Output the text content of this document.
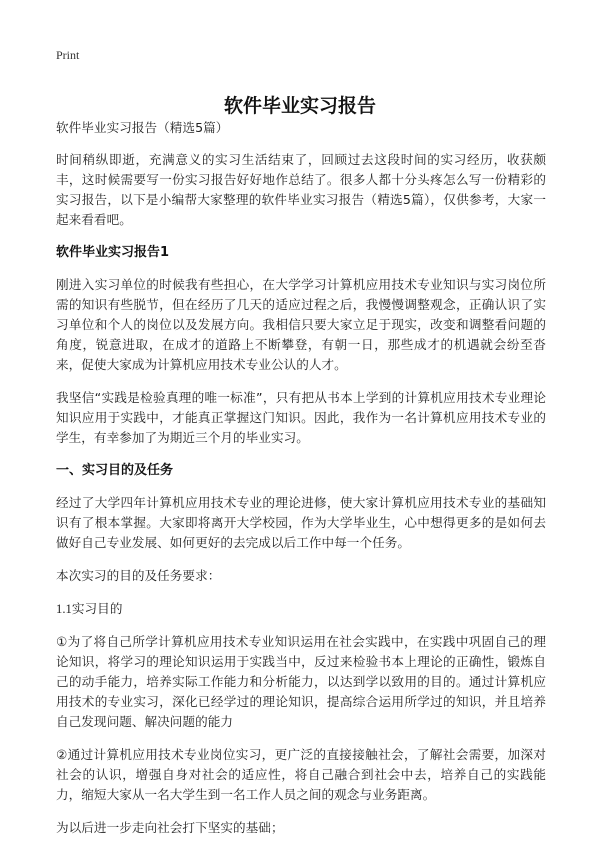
Print
软件毕业实习报告

软件毕业实习报告（精选5篇）

时间稍纵即逝，充满意义的实习生活结束了，回顾过去这段时间的实习经历，收获颇丰，这时候需要写一份实习报告好好地作总结了。很多人都十分头疼怎么写一份精彩的实习报告，以下是小编帮大家整理的软件毕业实习报告（精选5篇），仅供参考，大家一起来看看吧。

软件毕业实习报告1

刚进入实习单位的时候我有些担心，在大学学习计算机应用技术专业知识与实习岗位所需的知识有些脱节，但在经历了几天的适应过程之后，我慢慢调整观念，正确认识了实习单位和个人的岗位以及发展方向。我相信只要大家立足于现实，改变和调整看问题的角度，锐意进取，在成才的道路上不断攀登，有朝一日，那些成才的机遇就会纷至沓来，促使大家成为计算机应用技术专业公认的人才。

我坚信“实践是检验真理的唯一标准”，只有把从书本上学到的计算机应用技术专业理论知识应用于实践中，才能真正掌握这门知识。因此，我作为一名计算机应用技术专业的学生，有幸参加了为期近三个月的毕业实习。

一、实习目的及任务

经过了大学四年计算机应用技术专业的理论进修，使大家计算机应用技术专业的基础知识有了根本掌握。大家即将离开大学校园，作为大学毕业生，心中想得更多的是如何去做好自己专业发展、如何更好的去完成以后工作中每一个任务。

本次实习的目的及任务要求：

1.1实习目的

①为了将自己所学计算机应用技术专业知识运用在社会实践中，在实践中巩固自己的理论知识，将学习的理论知识运用于实践当中，反过来检验书本上理论的正确性，锻炼自己的动手能力，培养实际工作能力和分析能力，以达到学以致用的目的。通过计算机应用技术的专业实习，深化已经学过的理论知识，提高综合运用所学过的知识，并且培养自己发现问题、解决问题的能力

②通过计算机应用技术专业岗位实习，更广泛的直接接触社会，了解社会需要，加深对社会的认识，增强自身对社会的适应性，将自己融合到社会中去，培养自己的实践能力，缩短大家从一名大学生到一名工作人员之间的观念与业务距离。

为以后进一步走向社会打下坚实的基础；
